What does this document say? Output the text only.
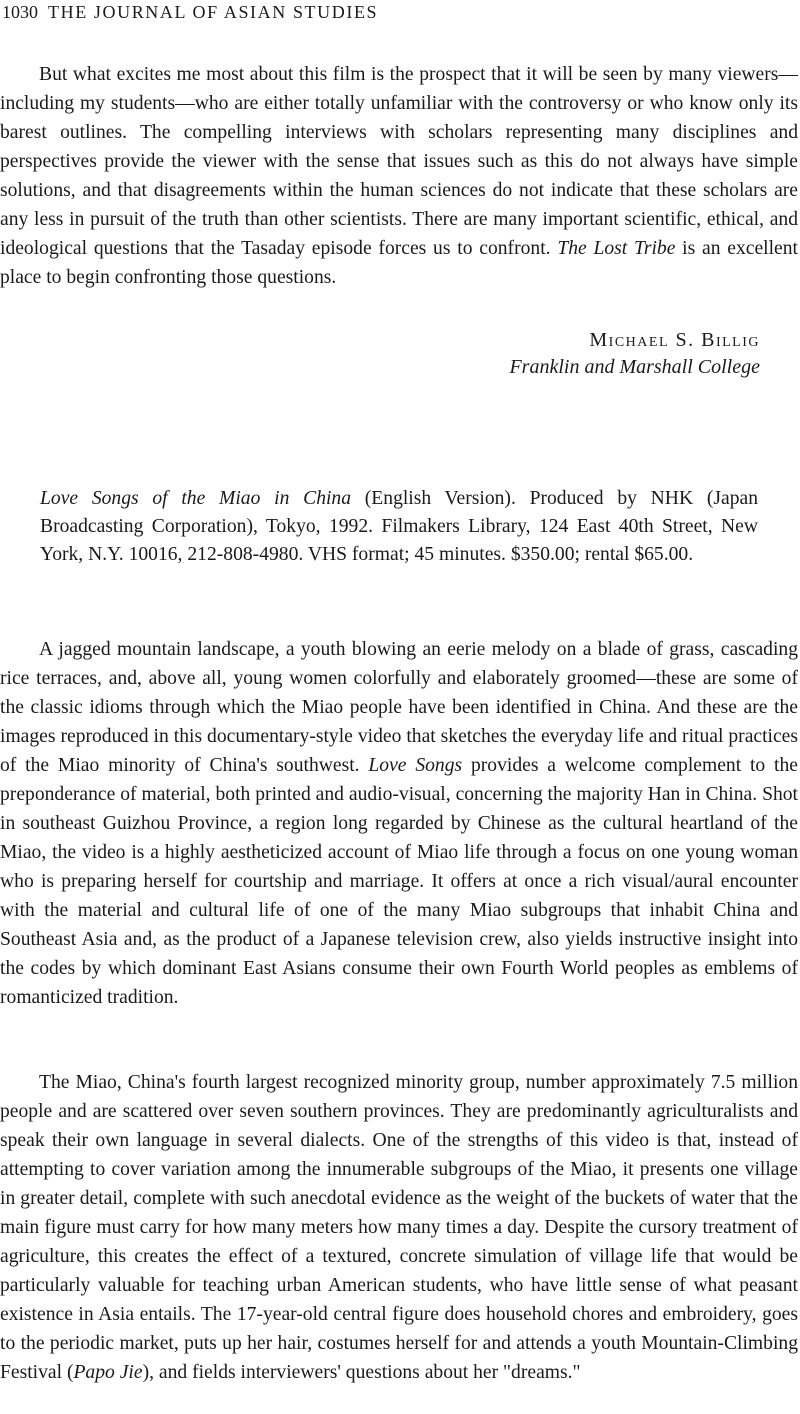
1030 THE JOURNAL OF ASIAN STUDIES

But what excites me most about this film is the prospect that it will be seen by many viewers—including my students—who are either totally unfamiliar with the controversy or who know only its barest outlines. The compelling interviews with scholars representing many disciplines and perspectives provide the viewer with the sense that issues such as this do not always have simple solutions, and that disagreements within the human sciences do not indicate that these scholars are any less in pursuit of the truth than other scientists. There are many important scientific, ethical, and ideological questions that the Tasaday episode forces us to confront. The Lost Tribe is an excellent place to begin confronting those questions.

Michael S. Billig
Franklin and Marshall College

Love Songs of the Miao in China (English Version). Produced by NHK (Japan Broadcasting Corporation), Tokyo, 1992. Filmakers Library, 124 East 40th Street, New York, N.Y. 10016, 212-808-4980. VHS format; 45 minutes. $350.00; rental $65.00.

A jagged mountain landscape, a youth blowing an eerie melody on a blade of grass, cascading rice terraces, and, above all, young women colorfully and elaborately groomed—these are some of the classic idioms through which the Miao people have been identified in China. And these are the images reproduced in this documentary-style video that sketches the everyday life and ritual practices of the Miao minority of China's southwest. Love Songs provides a welcome complement to the preponderance of material, both printed and audio-visual, concerning the majority Han in China. Shot in southeast Guizhou Province, a region long regarded by Chinese as the cultural heartland of the Miao, the video is a highly aestheticized account of Miao life through a focus on one young woman who is preparing herself for courtship and marriage. It offers at once a rich visual/aural encounter with the material and cultural life of one of the many Miao subgroups that inhabit China and Southeast Asia and, as the product of a Japanese television crew, also yields instructive insight into the codes by which dominant East Asians consume their own Fourth World peoples as emblems of romanticized tradition.

The Miao, China's fourth largest recognized minority group, number approximately 7.5 million people and are scattered over seven southern provinces. They are predominantly agriculturalists and speak their own language in several dialects. One of the strengths of this video is that, instead of attempting to cover variation among the innumerable subgroups of the Miao, it presents one village in greater detail, complete with such anecdotal evidence as the weight of the buckets of water that the main figure must carry for how many meters how many times a day. Despite the cursory treatment of agriculture, this creates the effect of a textured, concrete simulation of village life that would be particularly valuable for teaching urban American students, who have little sense of what peasant existence in Asia entails. The 17-year-old central figure does household chores and embroidery, goes to the periodic market, puts up her hair, costumes herself for and attends a youth Mountain-Climbing Festival (Papo Jie), and fields interviewers' questions about her "dreams."
